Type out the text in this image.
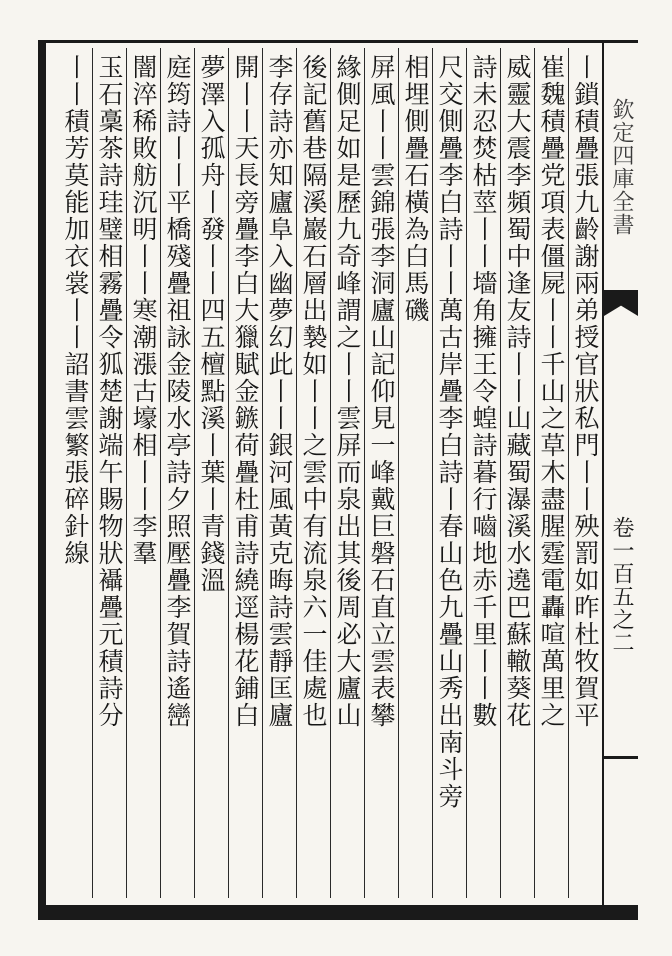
欽定四庫全書
卷一百五之二
丨鎖積疊張九齡謝兩弟授官狀私門丨丨殃罰如昨杜牧賀平
崔魏積疊党項表僵屍丨丨千山之草木盡腥霆電轟喧萬里之
威靈大震李頻蜀中逢友詩丨丨山藏蜀瀑溪水遶巴蘇轍葵花
詩未忍焚枯莖丨丨墻角擁王令蝗詩暮行嚙地赤千里丨丨數
尺交側疊李白詩丨丨萬古岸疊李白詩丨春山色九疊山秀出南斗旁
相埋側疊石橫為白馬磯
屏風丨丨雲錦張李洞廬山記仰見一峰戴巨磐石直立雲表攀
緣側足如是歷九奇峰謂之丨丨雲屏而泉出其後周必大廬山
後記舊巷隔溪巖石層出褺如丨丨之雲中有流泉六一佳處也
李存詩亦知廬阜入幽夢幻此丨丨銀河風黃克晦詩雲靜匡廬
開丨丨天長旁疊李白大獵賦金鏃荷疊杜甫詩繞逕楊花鋪白
夢澤入孤舟丨發丨丨四五檀點溪丨葉丨青錢溫
庭筠詩丨丨平橋殘疊祖詠金陵水亭詩夕照壓疊李賀詩遙巒
闇淬稀敗舫沉明丨丨寒潮漲古壕相丨丨李羣
玉石稾茶詩珪璧相霧疊令狐楚謝端午賜物狀襵疊元積詩分
丨丨積芳莫能加衣裳丨丨詔書雲繁張碎針線
